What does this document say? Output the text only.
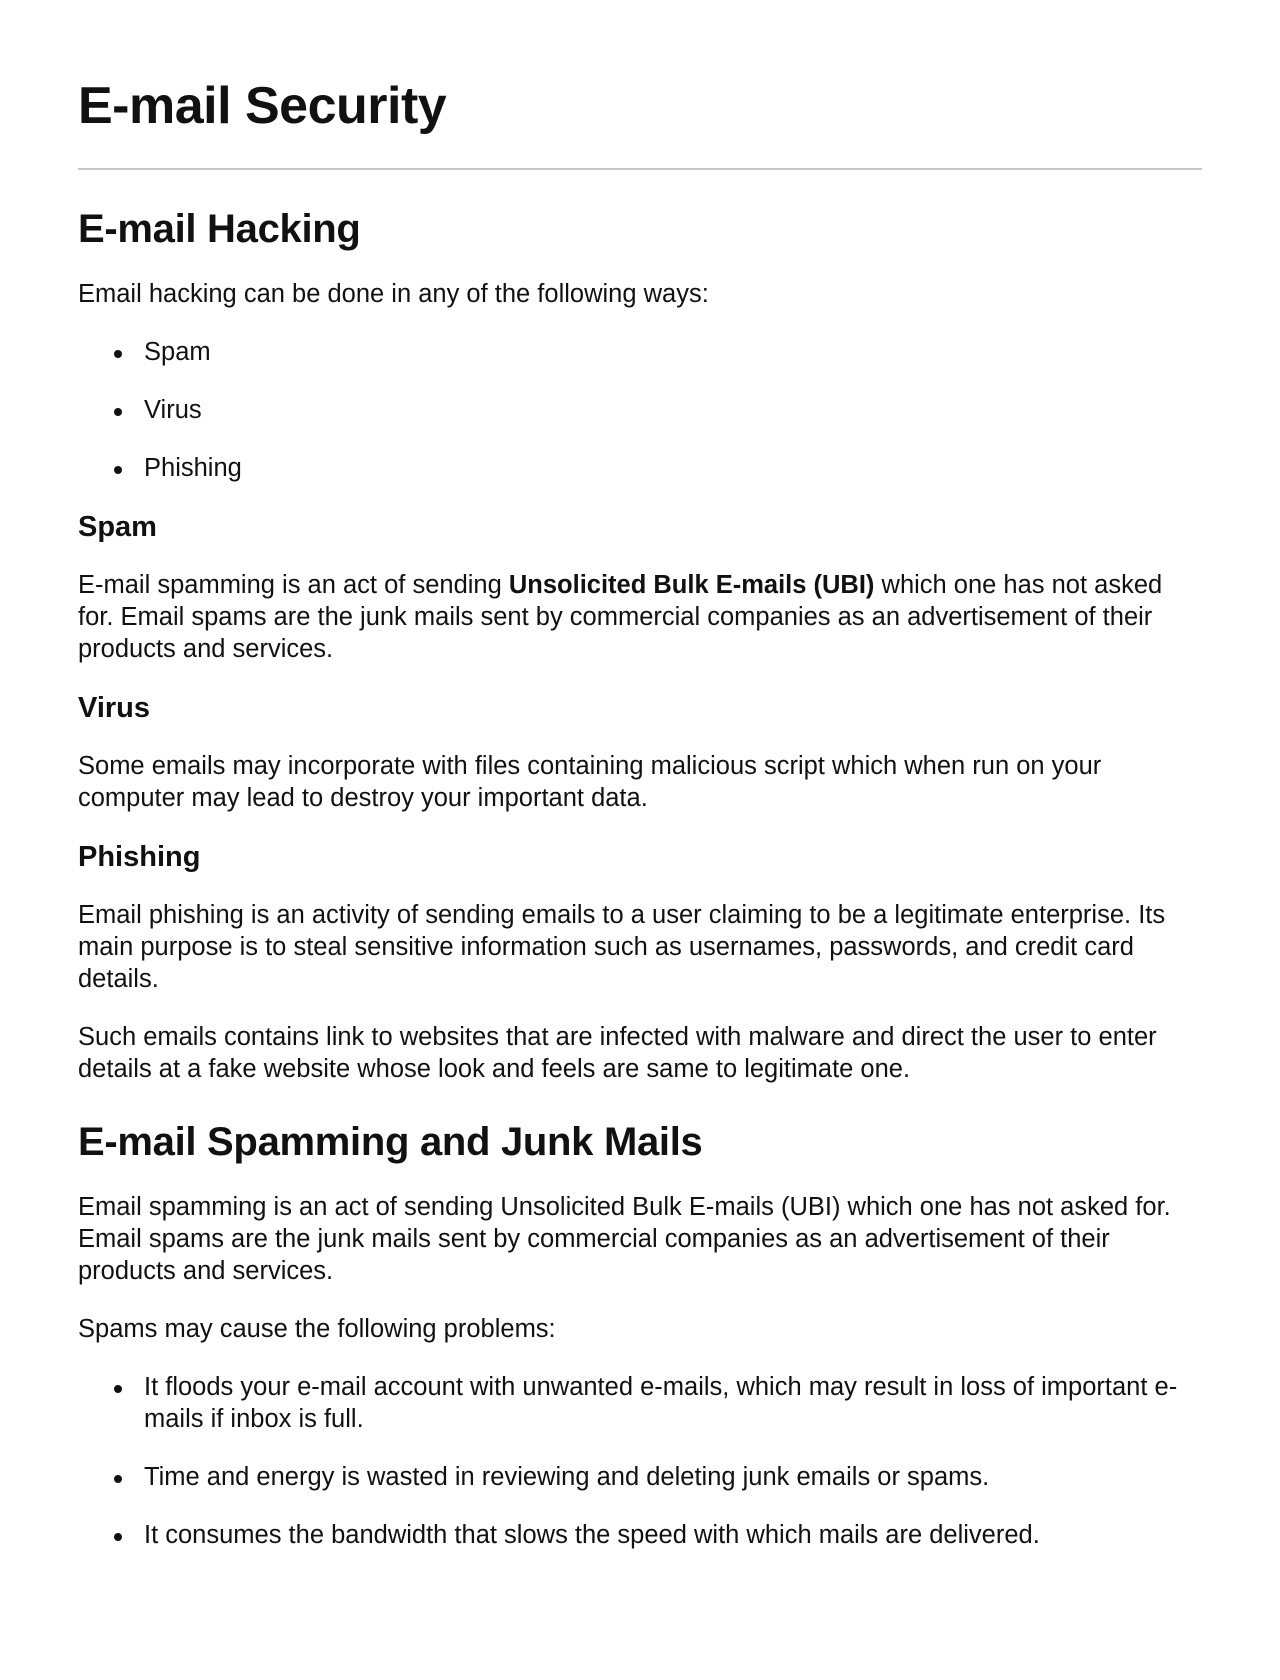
E-mail Security
E-mail Hacking

Email hacking can be done in any of the following ways:

Spam
Virus
Phishing
Spam

E-mail spamming is an act of sending Unsolicited Bulk E-mails (UBI) which one has not asked for. Email spams are the junk mails sent by commercial companies as an advertisement of their products and services.

Virus

Some emails may incorporate with files containing malicious script which when run on your computer may lead to destroy your important data.

Phishing

Email phishing is an activity of sending emails to a user claiming to be a legitimate enterprise. Its main purpose is to steal sensitive information such as usernames, passwords, and credit card details.

Such emails contains link to websites that are infected with malware and direct the user to enter details at a fake website whose look and feels are same to legitimate one.

E-mail Spamming and Junk Mails

Email spamming is an act of sending Unsolicited Bulk E-mails (UBI) which one has not asked for. Email spams are the junk mails sent by commercial companies as an advertisement of their products and services.

Spams may cause the following problems:

It floods your e-mail account with unwanted e-mails, which may result in loss of important e-mails if inbox is full.
Time and energy is wasted in reviewing and deleting junk emails or spams.
It consumes the bandwidth that slows the speed with which mails are delivered.
